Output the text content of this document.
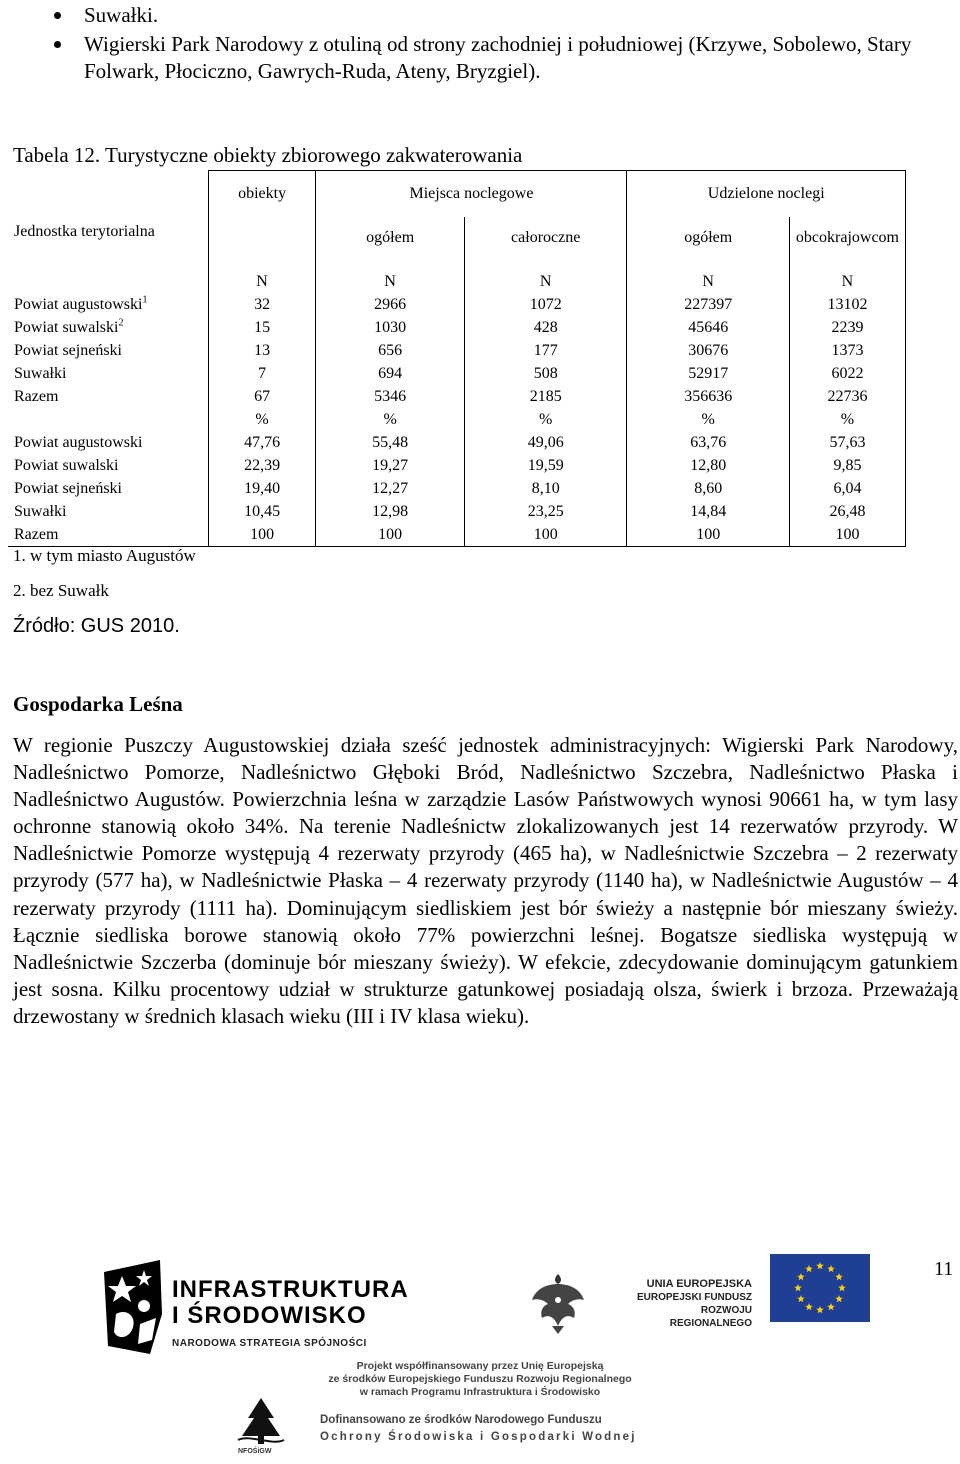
Suwałki.
Wigierski Park Narodowy z otuliną od strony zachodniej i południowej (Krzywe, Sobolewo, Stary Folwark, Płociczno, Gawrych-Ruda, Ateny, Bryzgiel).
Tabela 12. Turystyczne obiekty zbiorowego zakwaterowania
Jednostka terytorialna	obiekty	Miejsca noclegowe		Udzielone noclegi	
		ogółem	całoroczne	ogółem	obcokrajowcom
	N	N	N	N	N
Powiat augustowski$^1$	32	2966	1072	227397	13102
Powiat suwalski$^2$	15	1030	428	45646	2239
Powiat sejneński	13	656	177	30676	1373
Suwałki	7	694	508	52917	6022
Razem	67	5346	2185	356636	22736
	%	%	%	%	%
Powiat augustowski	47,76	55,48	49,06	63,76	57,63
Powiat suwalski	22,39	19,27	19,59	12,80	9,85
Powiat sejneński	19,40	12,27	8,10	8,60	6,04
Suwałki	10,45	12,98	23,25	14,84	26,48
Razem	100	100	100	100	100
1. w tym miasto Augustów
2. bez Suwałk
Źródło: GUS 2010.
Gospodarka Leśna

W regionie Puszczy Augustowskiej działa sześć jednostek administracyjnych: Wigierski Park Narodowy, Nadleśnictwo Pomorze, Nadleśnictwo Głęboki Bród, Nadleśnictwo Szczebra, Nadleśnictwo Płaska i Nadleśnictwo Augustów. Powierzchnia leśna w zarządzie Lasów Państwowych wynosi 90661 ha, w tym lasy ochronne stanowią około 34%. Na terenie Nadleśnictw zlokalizowanych jest 14 rezerwatów przyrody. W Nadleśnictwie Pomorze występują 4 rezerwaty przyrody (465 ha), w Nadleśnictwie Szczebra – 2 rezerwaty przyrody (577 ha), w Nadleśnictwie Płaska – 4 rezerwaty przyrody (1140 ha), w Nadleśnictwie Augustów – 4 rezerwaty przyrody (1111 ha). Dominującym siedliskiem jest bór świeży a następnie bór mieszany świeży. Łącznie siedliska borowe stanowią około 77% powierzchni leśnej. Bogatsze siedliska występują w Nadleśnictwie Szczerba (dominuje bór mieszany świeży). W efekcie, zdecydowanie dominującym gatunkiem jest sosna. Kilku procentowy udział w strukturze gatunkowej posiadają olsza, świerk i brzoza. Przeważają drzewostany w średnich klasach wieku (III i IV klasa wieku).

11
INFRASTRUKTURA
I ŚRODOWISKO
NARODOWA STRATEGIA SPÓJNOŚCI
UNIA EUROPEJSKA
EUROPEJSKI FUNDUSZ
ROZWOJU REGIONALNEGO
Projekt współfinansowany przez Unię Europejską
ze środków Europejskiego Funduszu Rozwoju Regionalnego
w ramach Programu Infrastruktura i Środowisko
NFOŚiGW
Dofinansowano ze środków Narodowego Funduszu
Ochrony Środowiska i Gospodarki Wodnej
